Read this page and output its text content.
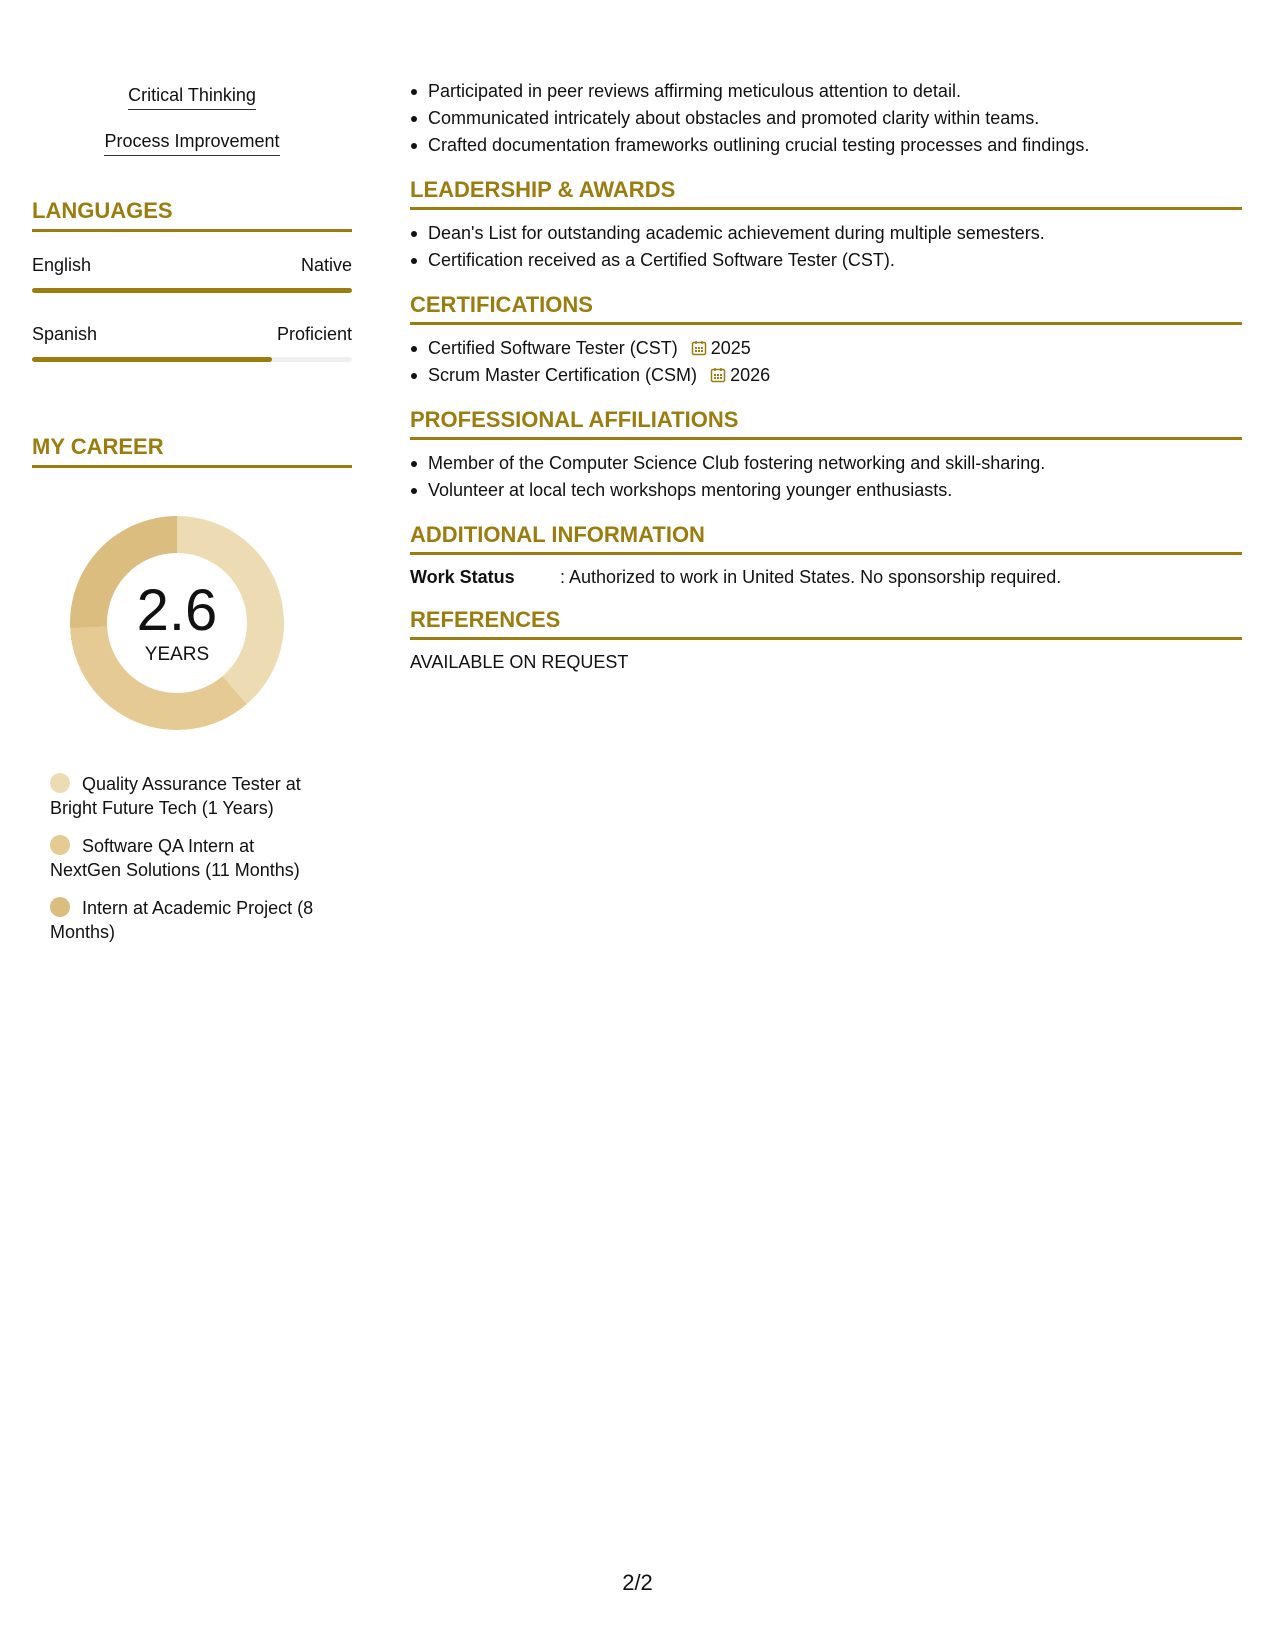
Critical Thinking
Process Improvement
LANGUAGES
English	Native
Spanish	Proficient
MY CAREER
2.6
YEARS
Quality Assurance Tester at Bright Future Tech (1 Years)
Software QA Intern at NextGen Solutions (11 Months)
Intern at Academic Project (8 Months)
Participated in peer reviews affirming meticulous attention to detail.
Communicated intricately about obstacles and promoted clarity within teams.
Crafted documentation frameworks outlining crucial testing processes and findings.
LEADERSHIP & AWARDS
Dean's List for outstanding academic achievement during multiple semesters.
Certification received as a Certified Software Tester (CST).
CERTIFICATIONS
Certified Software Tester (CST) 2025
Scrum Master Certification (CSM) 2026
PROFESSIONAL AFFILIATIONS
Member of the Computer Science Club fostering networking and skill-sharing.
Volunteer at local tech workshops mentoring younger enthusiasts.
ADDITIONAL INFORMATION
Work Status	: Authorized to work in United States. No sponsorship required.
REFERENCES
AVAILABLE ON REQUEST
2/2
